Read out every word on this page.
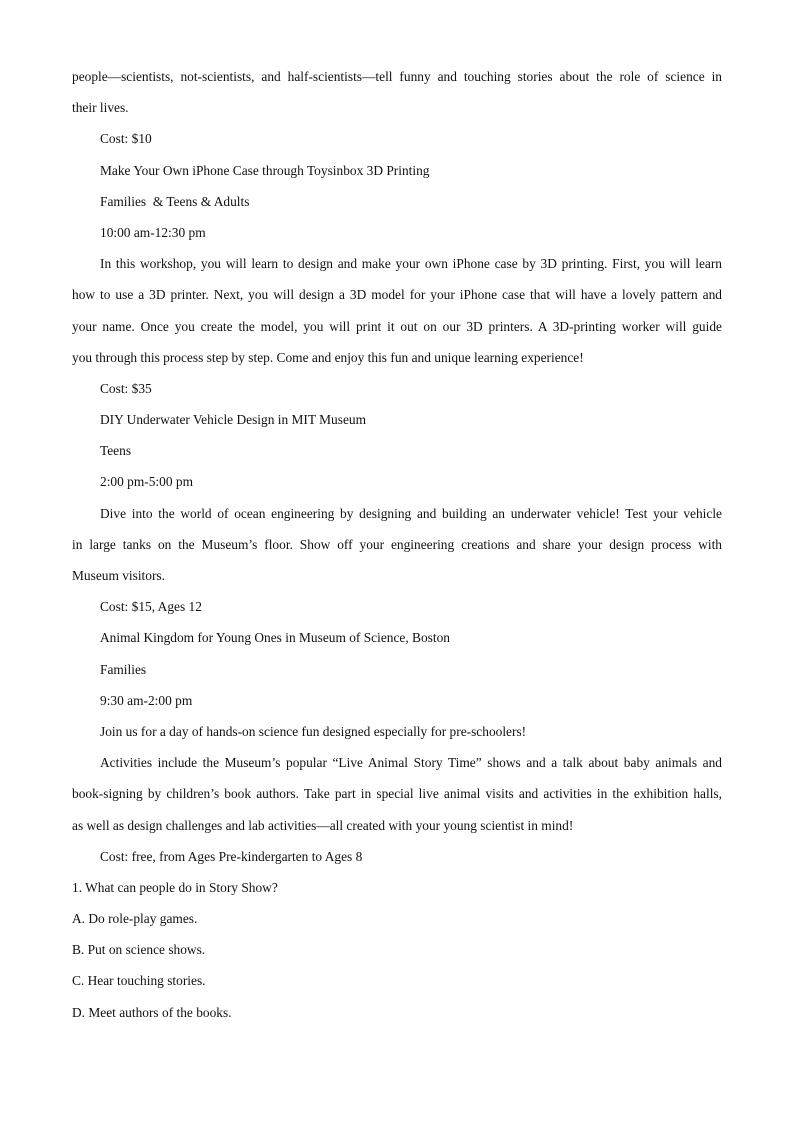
people—scientists, not-scientists, and half-scientists—tell funny and touching stories about the role of science in
their lives.
Cost: $10
Make Your Own iPhone Case through Toysinbox 3D Printing
Families  & Teens & Adults
10:00 am-12:30 pm
In this workshop, you will learn to design and make your own iPhone case by 3D printing. First, you will learn
how to use a 3D printer. Next, you will design a 3D model for your iPhone case that will have a lovely pattern and
your name. Once you create the model, you will print it out on our 3D printers. A 3D-printing worker will guide
you through this process step by step. Come and enjoy this fun and unique learning experience!
Cost: $35
DIY Underwater Vehicle Design in MIT Museum
Teens
2:00 pm-5:00 pm
Dive into the world of ocean engineering by designing and building an underwater vehicle! Test your vehicle
in large tanks on the Museum’s floor. Show off your engineering creations and share your design process with
Museum visitors.
Cost: $15, Ages 12
Animal Kingdom for Young Ones in Museum of Science, Boston
Families
9:30 am-2:00 pm
Join us for a day of hands-on science fun designed especially for pre-schoolers!
Activities include the Museum’s popular “Live Animal Story Time” shows and a talk about baby animals and
book-signing by children’s book authors. Take part in special live animal visits and activities in the exhibition halls,
as well as design challenges and lab activities—all created with your young scientist in mind!
Cost: free, from Ages Pre-kindergarten to Ages 8
1. What can people do in Story Show?
A. Do role-play games.
B. Put on science shows.
C. Hear touching stories.
D. Meet authors of the books.
